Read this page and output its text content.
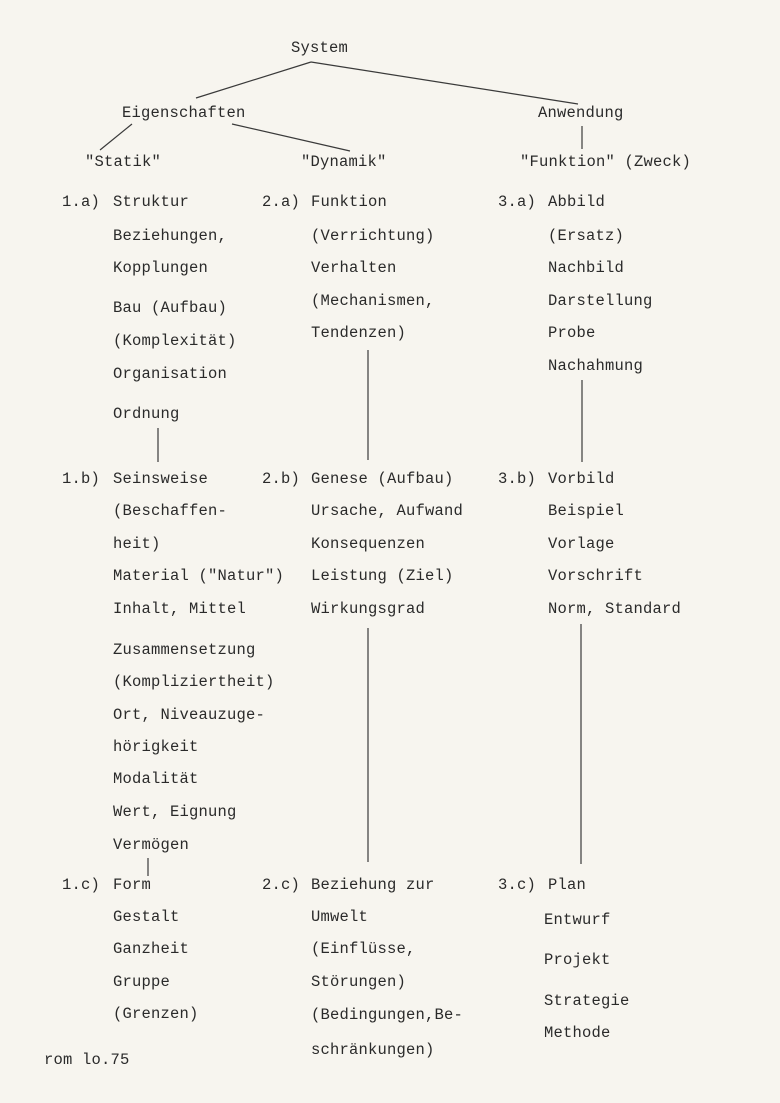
System
Eigenschaften	Anwendung
"Statik"	"Dynamik"	"Funktion" (Zweck)
1.a) Struktur
Beziehungen,
Kopplungen
Bau (Aufbau)
(Komplexität)
Organisation
Ordnung
2.a) Funktion
(Verrichtung)
Verhalten
(Mechanismen,
Tendenzen)
3.a) Abbild
(Ersatz)
Nachbild
Darstellung
Probe
Nachahmung
1.b) Seinsweise
(Beschaffen-
heit)
Material ("Natur")
Inhalt, Mittel
Zusammensetzung
(Kompliziertheit)
Ort, Niveauzuge-
hörigkeit
Modalität
Wert, Eignung
Vermögen
2.b) Genese (Aufbau)
Ursache, Aufwand
Konsequenzen
Leistung (Ziel)
Wirkungsgrad
3.b) Vorbild
Beispiel
Vorlage
Vorschrift
Norm, Standard
1.c) Form
Gestalt
Ganzheit
Gruppe
(Grenzen)
2.c) Beziehung zur
Umwelt
(Einflüsse,
Störungen)
(Bedingungen,Be-
schränkungen)
3.c) Plan
Entwurf
Projekt
Strategie
Methode
rom lo.75
